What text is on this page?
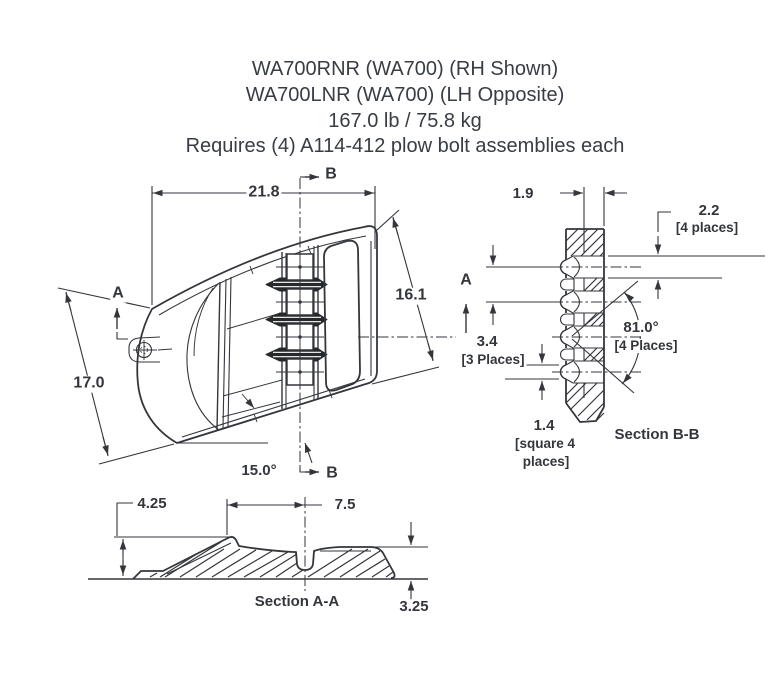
WA700RNR (WA700) (RH Shown)
WA700LNR (WA700) (LH Opposite)
167.0 lb / 75.8 kg
Requires (4) A114-412 plow bolt assemblies each
B
21.8
16.1
A
A
17.0
15.0°	B
1.9
2.2
[4 places]
3.4
[3 Places]
81.0°
[4 Places]
1.4
[square 4
places]
Section B-B
4.25	7.5
3.25
Section A-A
